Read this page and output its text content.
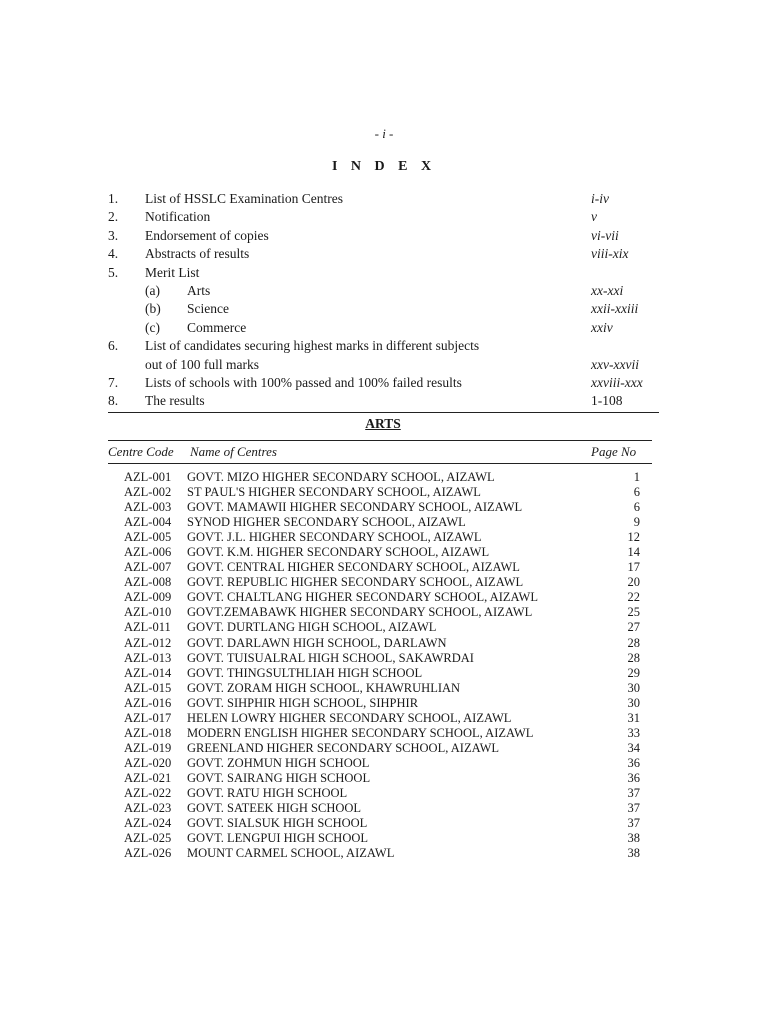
- i -
I N D E X
1. List of HSSLC Examination Centres	i-iv
2. Notification	v
3. Endorsement of copies	vi-vii
4. Abstracts of results	viii-xix
5. Merit List
(a) Arts	xx-xxi
(b) Science	xxii-xxiii
(c) Commerce	xxiv
6. List of candidates securing highest marks in different subjects
out of 100 full marks	xxv-xxvii
7. Lists of schools with 100% passed and 100% failed results	xxviii-xxx
8. The results	1-108
ARTS
Centre Code Name of Centres	Page No
AZL-001 GOVT. MIZO HIGHER SECONDARY SCHOOL, AIZAWL	1
AZL-002 ST PAUL'S HIGHER SECONDARY SCHOOL, AIZAWL	6
AZL-003 GOVT. MAMAWII HIGHER SECONDARY SCHOOL, AIZAWL	6
AZL-004 SYNOD HIGHER SECONDARY SCHOOL, AIZAWL	9
AZL-005 GOVT. J.L. HIGHER SECONDARY SCHOOL, AIZAWL	12
AZL-006 GOVT. K.M. HIGHER SECONDARY SCHOOL, AIZAWL	14
AZL-007 GOVT. CENTRAL HIGHER SECONDARY SCHOOL, AIZAWL	17
AZL-008 GOVT. REPUBLIC HIGHER SECONDARY SCHOOL, AIZAWL	20
AZL-009 GOVT. CHALTLANG HIGHER SECONDARY SCHOOL, AIZAWL	22
AZL-010 GOVT.ZEMABAWK HIGHER SECONDARY SCHOOL, AIZAWL	25
AZL-011 GOVT. DURTLANG HIGH SCHOOL, AIZAWL	27
AZL-012 GOVT. DARLAWN HIGH SCHOOL, DARLAWN	28
AZL-013 GOVT. TUISUALRAL HIGH SCHOOL, SAKAWRDAI	28
AZL-014 GOVT. THINGSULTHLIAH HIGH SCHOOL	29
AZL-015 GOVT. ZORAM HIGH SCHOOL, KHAWRUHLIAN	30
AZL-016 GOVT. SIHPHIR HIGH SCHOOL, SIHPHIR	30
AZL-017 HELEN LOWRY HIGHER SECONDARY SCHOOL, AIZAWL	31
AZL-018 MODERN ENGLISH HIGHER SECONDARY SCHOOL, AIZAWL	33
AZL-019 GREENLAND HIGHER SECONDARY SCHOOL, AIZAWL	34
AZL-020 GOVT. ZOHMUN HIGH SCHOOL	36
AZL-021 GOVT. SAIRANG HIGH SCHOOL	36
AZL-022 GOVT. RATU HIGH SCHOOL	37
AZL-023 GOVT. SATEEK HIGH SCHOOL	37
AZL-024 GOVT. SIALSUK HIGH SCHOOL	37
AZL-025 GOVT. LENGPUI HIGH SCHOOL	38
AZL-026 MOUNT CARMEL SCHOOL, AIZAWL	38
